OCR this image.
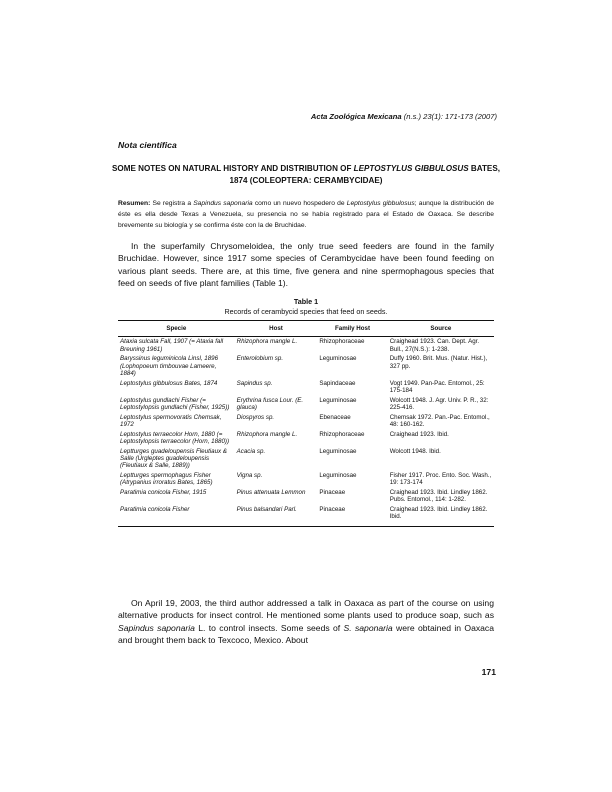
Acta Zoológica Mexicana (n.s.) 23(1): 171-173 (2007)
Nota científica
SOME NOTES ON NATURAL HISTORY AND DISTRIBUTION OF LEPTOSTYLUS GIBBULOSUS BATES, 1874 (COLEOPTERA: CERAMBYCIDAE)
Resumen: Se registra a Sapindus saponaria como un nuevo hospedero de Leptostylus gibbulosus; aunque la distribución de éste es ella desde Texas a Venezuela, su presencia no se había registrado para el Estado de Oaxaca. Se describe brevemente su biología y se confirma éste con la de Bruchidae.

In the superfamily Chrysomeloidea, the only true seed feeders are found in the family Bruchidae. However, since 1917 some species of Cerambycidae have been found feeding on various plant seeds. There are, at this time, five genera and nine spermophagous species that feed on seeds of five plant families (Table 1).

Table 1
Records of cerambycid species that feed on seeds.
Specie	Host	Family Host	Source
Ataxia sulcata Fall, 1907 (= Ataxia fall Breuning 1961)	Rhizophora mangle L.	Rhizophoraceae	Craighead 1923. Can. Dept. Agr. Bull., 27(N.S.): 1-238.
Baryssinus leguminicola Linsl, 1896 (Lophopoeum timbouvae Lameere, 1884)	Enterolobium sp.	Leguminosae	Duffy 1960. Brit. Mus. (Natur. Hist.), 327 pp.
Leptostylus gibbulosus Bates, 1874	Sapindus sp.	Sapindaceae	Vogt 1949. Pan-Pac. Entomol., 25: 175-184
Leptostylus gundlachi Fisher (= Leptostylopsis gundlachi (Fisher, 1925))	Erythrina fusca Lour. (E. glauca)	Leguminosae	Wolcott 1948. J. Agr. Univ. P. R., 32: 225-416.
Leptostylus spermovoratis Chemsak, 1972	Diospyros sp.	Ebenaceae	Chemsak 1972. Pan.-Pac. Entomol., 48: 160-162.
Leptostylus terraecolor Horn, 1880 (= Leptostylopsis terraecolor (Horn, 1880))	Rhizophora mangle L.	Rhizophoraceae	Craighead 1923. Ibid.
Leptturges guadeloupensis Fleutiaux & Salle (Urgleptes guadeloupensis (Fleutiaux & Salle, 1889))	Acacia sp.	Leguminosae	Wolcott 1948. Ibid.
Leptturges spermophagus Fisher (Atrypanius irroratus Bates, 1865)	Vigna sp.	Leguminosae	Fisher 1917. Proc. Ento. Soc. Wash., 19: 173-174
Paratimia conicola Fisher, 1915	Pinus attenuata Lemmon	Pinaceae	Craighead 1923. Ibid. Lindley 1862. Pubs. Entomol., 114: 1-282.
Paratimia conicola Fisher	Pinus balsandari Parl.	Pinaceae	Craighead 1923. Ibid. Lindley 1862. Ibid.

On April 19, 2003, the third author addressed a talk in Oaxaca as part of the course on using alternative products for insect control. He mentioned some plants used to produce soap, such as Sapindus saponaria L. to control insects. Some seeds of S. saponaria were obtained in Oaxaca and brought them back to Texcoco, Mexico. About

171
